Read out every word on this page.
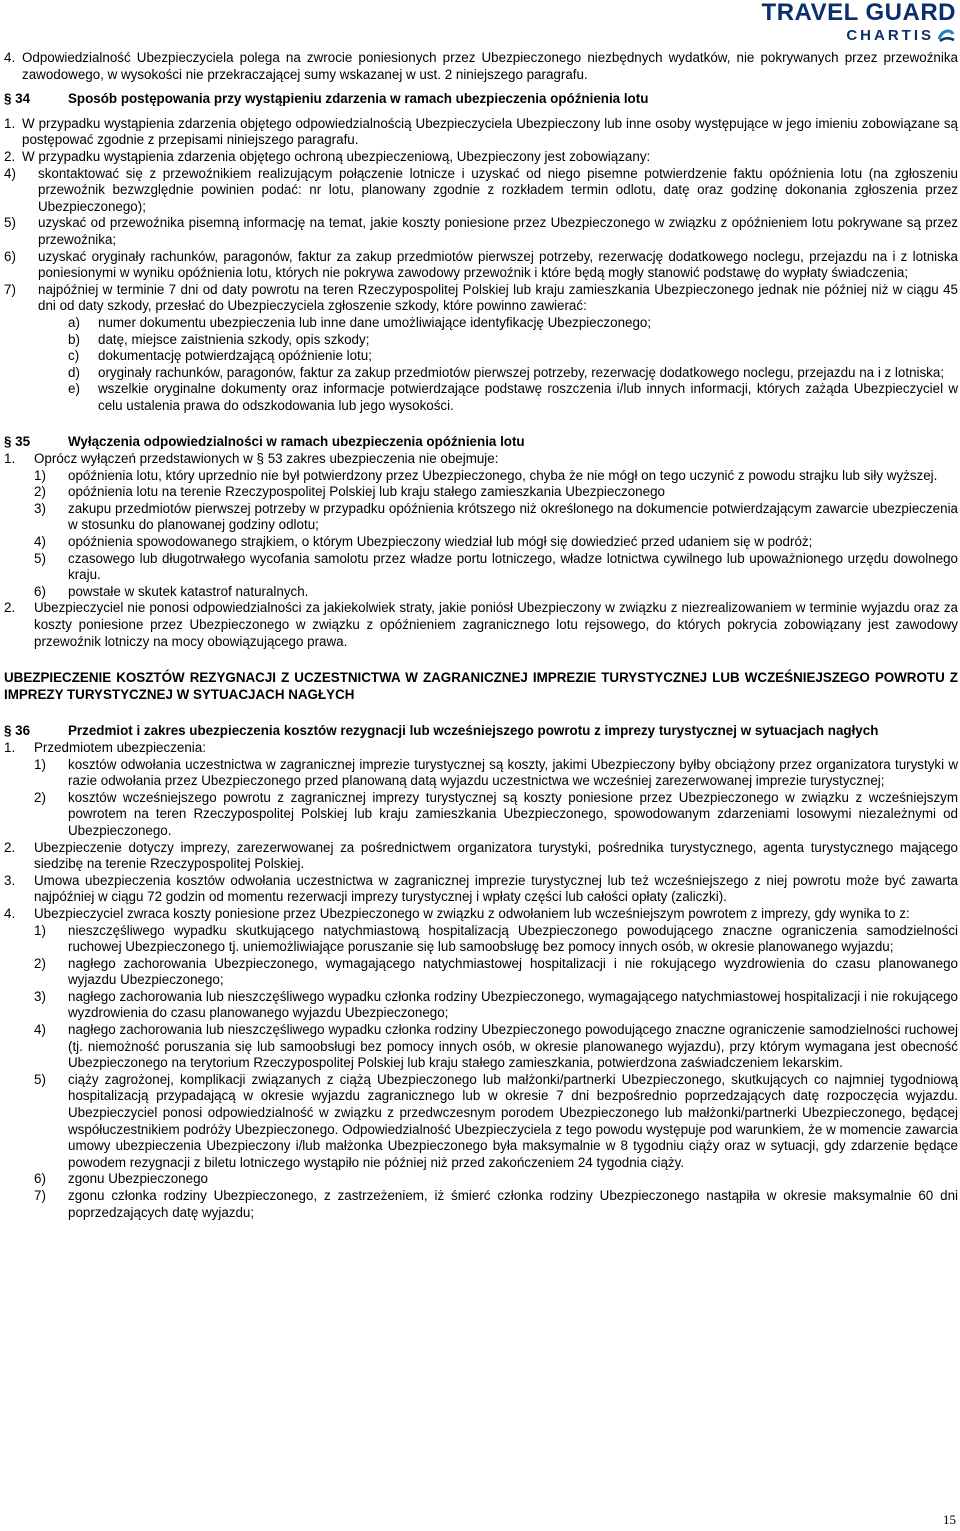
TRAVEL GUARD
CHARTIS
4. Odpowiedzialność Ubezpieczyciela polega na zwrocie poniesionych przez Ubezpieczonego niezbędnych wydatków, nie pokrywanych przez przewoźnika zawodowego, w wysokości nie przekraczającej sumy wskazanej w ust. 2 niniejszego paragrafu.
§ 34	Sposób postępowania przy wystąpieniu zdarzenia w ramach ubezpieczenia opóźnienia lotu
1. W przypadku wystąpienia zdarzenia objętego odpowiedzialnością Ubezpieczyciela Ubezpieczony lub inne osoby występujące w jego imieniu zobowiązane są postępować zgodnie z przepisami niniejszego paragrafu.
2. W przypadku wystąpienia zdarzenia objętego ochroną ubezpieczeniową, Ubezpieczony jest zobowiązany:
4)	skontaktować się z przewoźnikiem realizującym połączenie lotnicze i uzyskać od niego pisemne potwierdzenie faktu opóźnienia lotu (na zgłoszeniu przewoźnik bezwzględnie powinien podać: nr lotu, planowany zgodnie z rozkładem termin odlotu, datę oraz godzinę dokonania zgłoszenia przez Ubezpieczonego);
5)	uzyskać od przewoźnika pisemną informację na temat, jakie koszty poniesione przez Ubezpieczonego w związku z opóźnieniem lotu pokrywane są przez przewoźnika;
6)	uzyskać oryginały rachunków, paragonów, faktur za zakup przedmiotów pierwszej potrzeby, rezerwację dodatkowego noclegu, przejazdu na i z lotniska poniesionymi w wyniku opóźnienia lotu, których nie pokrywa zawodowy przewoźnik i które będą mogły stanowić podstawę do wypłaty świadczenia;
7)	najpóźniej w terminie 7 dni od daty powrotu na teren Rzeczypospolitej Polskiej lub kraju zamieszkania Ubezpieczonego jednak nie później niż w ciągu 45 dni od daty szkody, przesłać do Ubezpieczyciela zgłoszenie szkody, które powinno zawierać:
a)	numer dokumentu ubezpieczenia lub inne dane umożliwiające identyfikację Ubezpieczonego;
b)	datę, miejsce zaistnienia szkody, opis szkody;
c)	dokumentację potwierdzającą opóźnienie lotu;
d)	oryginały rachunków, paragonów, faktur za zakup przedmiotów pierwszej potrzeby, rezerwację dodatkowego noclegu, przejazdu na i z lotniska;
e)	wszelkie oryginalne dokumenty oraz informacje potwierdzające podstawę roszczenia i/lub innych informacji, których zażąda Ubezpieczyciel w celu ustalenia prawa do odszkodowania lub jego wysokości.
§ 35	Wyłączenia odpowiedzialności w ramach ubezpieczenia opóźnienia lotu
1.	Oprócz wyłączeń przedstawionych w § 53 zakres ubezpieczenia nie obejmuje:
1)	opóźnienia lotu, który uprzednio nie był potwierdzony przez Ubezpieczonego, chyba że nie mógł on tego uczynić z powodu strajku lub siły wyższej.
2)	opóźnienia lotu na terenie Rzeczypospolitej Polskiej lub kraju stałego zamieszkania Ubezpieczonego
3)	zakupu przedmiotów pierwszej potrzeby w przypadku opóźnienia krótszego niż określonego na dokumencie potwierdzającym zawarcie ubezpieczenia w stosunku do planowanej godziny odlotu;
4)	opóźnienia spowodowanego strajkiem, o którym Ubezpieczony wiedział lub mógł się dowiedzieć przed udaniem się w podróż;
5)	czasowego lub długotrwałego wycofania samolotu przez władze portu lotniczego, władze lotnictwa cywilnego lub upoważnionego urzędu dowolnego kraju.
6)	powstałe w skutek katastrof naturalnych.
2.	Ubezpieczyciel nie ponosi odpowiedzialności za jakiekolwiek straty, jakie poniósł Ubezpieczony w związku z niezrealizowaniem w terminie wyjazdu oraz za koszty poniesione przez Ubezpieczonego w związku z opóźnieniem zagranicznego lotu rejsowego, do których pokrycia zobowiązany jest zawodowy przewoźnik lotniczy na mocy obowiązującego prawa.

UBEZPIECZENIE KOSZTÓW REZYGNACJI Z UCZESTNICTWA W ZAGRANICZNEJ IMPREZIE TURYSTYCZNEJ LUB WCZEŚNIEJSZEGO POWROTU Z IMPREZY TURYSTYCZNEJ W SYTUACJACH NAGŁYCH

§ 36	Przedmiot i zakres ubezpieczenia kosztów rezygnacji lub wcześniejszego powrotu z imprezy turystycznej w sytuacjach nagłych
1.	Przedmiotem ubezpieczenia:
1)	kosztów odwołania uczestnictwa w zagranicznej imprezie turystycznej są koszty, jakimi Ubezpieczony byłby obciążony przez organizatora turystyki w razie odwołania przez Ubezpieczonego przed planowaną datą wyjazdu uczestnictwa we wcześniej zarezerwowanej imprezie turystycznej;
2)	kosztów wcześniejszego powrotu z zagranicznej imprezy turystycznej są koszty poniesione przez Ubezpieczonego w związku z wcześniejszym powrotem na teren Rzeczypospolitej Polskiej lub kraju zamieszkania Ubezpieczonego, spowodowanym zdarzeniami losowymi niezależnymi od Ubezpieczonego.
2.	Ubezpieczenie dotyczy imprezy, zarezerwowanej za pośrednictwem organizatora turystyki, pośrednika turystycznego, agenta turystycznego mającego siedzibę na terenie Rzeczypospolitej Polskiej.
3.	Umowa ubezpieczenia kosztów odwołania uczestnictwa w zagranicznej imprezie turystycznej lub też wcześniejszego z niej powrotu może być zawarta najpóźniej w ciągu 72 godzin od momentu rezerwacji imprezy turystycznej i wpłaty części lub całości opłaty (zaliczki).
4.	Ubezpieczyciel zwraca koszty poniesione przez Ubezpieczonego w związku z odwołaniem lub wcześniejszym powrotem z imprezy, gdy wynika to z:
1)	nieszczęśliwego wypadku skutkującego natychmiastową hospitalizacją Ubezpieczonego powodującego znaczne ograniczenia samodzielności ruchowej Ubezpieczonego tj. uniemożliwiające poruszanie się lub samoobsługę bez pomocy innych osób, w okresie planowanego wyjazdu;
2)	nagłego zachorowania Ubezpieczonego, wymagającego natychmiastowej hospitalizacji i nie rokującego wyzdrowienia do czasu planowanego wyjazdu Ubezpieczonego;
3)	nagłego zachorowania lub nieszczęśliwego wypadku członka rodziny Ubezpieczonego, wymagającego natychmiastowej hospitalizacji i nie rokującego wyzdrowienia do czasu planowanego wyjazdu Ubezpieczonego;
4)	nagłego zachorowania lub nieszczęśliwego wypadku członka rodziny Ubezpieczonego powodującego znaczne ograniczenie samodzielności ruchowej (tj. niemożność poruszania się lub samoobsługi bez pomocy innych osób, w okresie planowanego wyjazdu), przy którym wymagana jest obecność Ubezpieczonego na terytorium Rzeczypospolitej Polskiej lub kraju stałego zamieszkania, potwierdzona zaświadczeniem lekarskim.
5)	ciąży zagrożonej, komplikacji związanych z ciążą Ubezpieczonego lub małżonki/partnerki Ubezpieczonego, skutkujących co najmniej tygodniową hospitalizacją przypadającą w okresie wyjazdu zagranicznego lub w okresie 7 dni bezpośrednio poprzedzających datę rozpoczęcia wyjazdu. Ubezpieczyciel ponosi odpowiedzialność w związku z przedwczesnym porodem Ubezpieczonego lub małżonki/partnerki Ubezpieczonego, będącej współuczestnikiem podróży Ubezpieczonego. Odpowiedzialność Ubezpieczyciela z tego powodu występuje pod warunkiem, że w momencie zawarcia umowy ubezpieczenia Ubezpieczony i/lub małżonka Ubezpieczonego była maksymalnie w 8 tygodniu ciąży oraz w sytuacji, gdy zdarzenie będące powodem rezygnacji z biletu lotniczego wystąpiło nie później niż przed zakończeniem 24 tygodnia ciąży.
6)	zgonu Ubezpieczonego
7)	zgonu członka rodziny Ubezpieczonego, z zastrzeżeniem, iż śmierć członka rodziny Ubezpieczonego nastąpiła w okresie maksymalnie 60 dni poprzedzających datę wyjazdu;
15
